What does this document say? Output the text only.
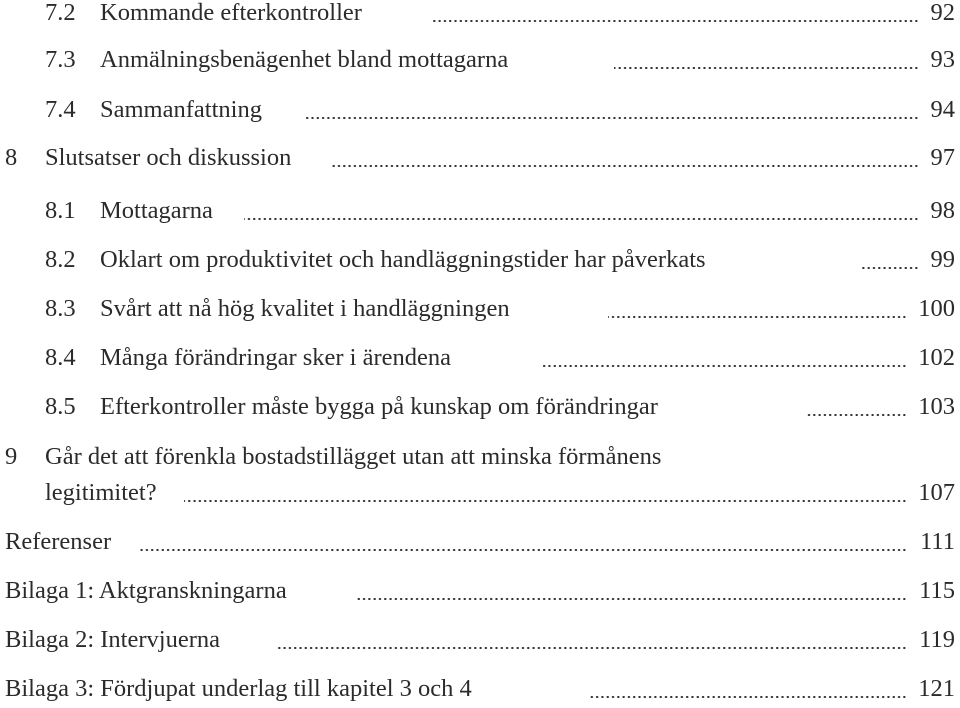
7.2 Kommande efterkontroller	92
7.3 Anmälningsbenägenhet bland mottagarna	93
7.4 Sammanfattning	94
8 Slutsatser och diskussion	97
8.1 Mottagarna	98
8.2 Oklart om produktivitet och handläggningstider har påverkats	99
8.3 Svårt att nå hög kvalitet i handläggningen	100
8.4 Många förändringar sker i ärendena	102
8.5 Efterkontroller måste bygga på kunskap om förändringar	103
9 Går det att förenkla bostadstillägget utan att minska förmånens
legitimitet?	107
Referenser	111
Bilaga 1: Aktgranskningarna	115
Bilaga 2: Intervjuerna	119
Bilaga 3: Fördjupat underlag till kapitel 3 och 4	121
